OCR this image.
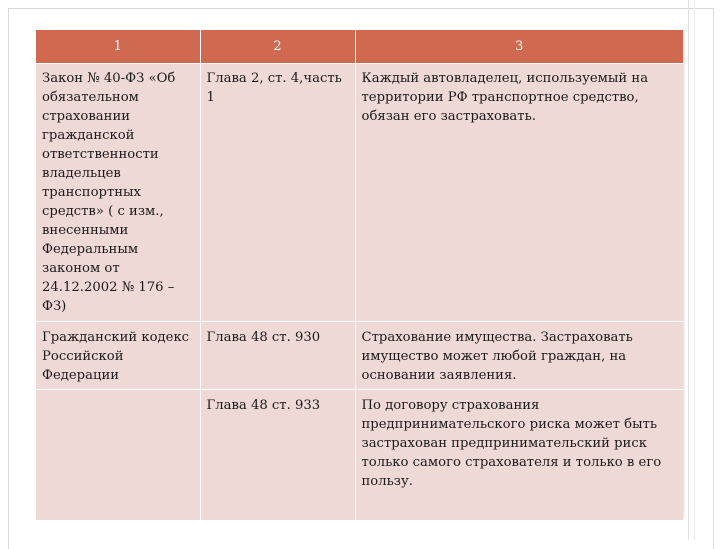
1	2	3
Закон № 40-ФЗ «Об обязательном страховании гражданской ответственности владельцев транспортных средств» ( с изм., внесенными Федеральным законом от 24.12.2002 № 176 – ФЗ)	Глава 2, ст. 4,часть 1	Каждый автовладелец, используемый на территории РФ транспортное средство, обязан его застраховать.
Гражданский кодекс Российской Федерации	Глава 48 ст. 930	Страхование имущества. Застраховать имущество может любой граждан, на основании заявления.
	Глава 48 ст. 933	По договору страхования предпринимательского риска может быть застрахован предпринимательский риск только самого страхователя и только в его пользу.
